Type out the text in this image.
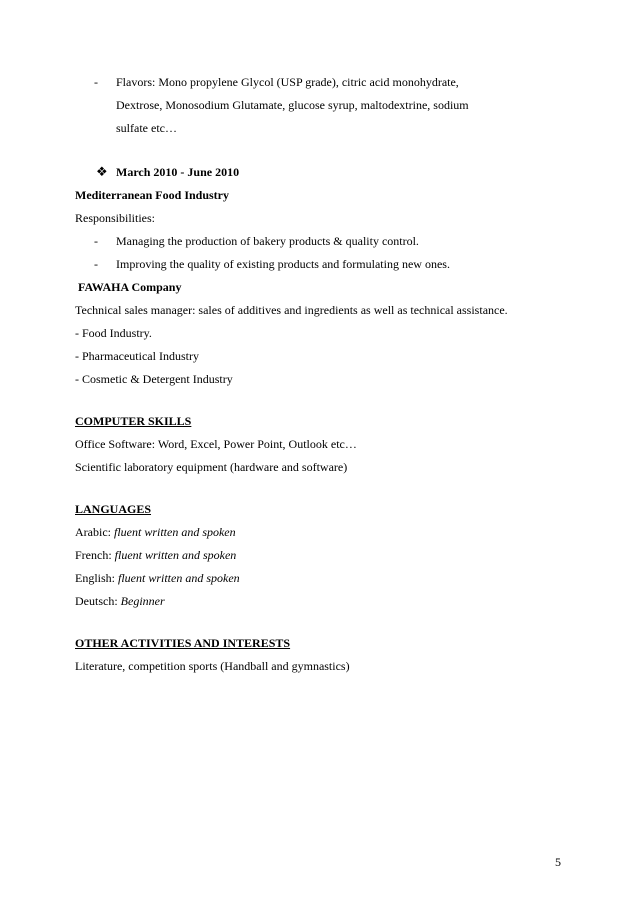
- Flavors: Mono propylene Glycol (USP grade), citric acid monohydrate,
Dextrose, Monosodium Glutamate, glucose syrup, maltodextrine, sodium
sulfate etc…
❖ March 2010 - June 2010
Mediterranean Food Industry
Responsibilities:
- Managing the production of bakery products & quality control.
- Improving the quality of existing products and formulating new ones.
FAWAHA Company
Technical sales manager: sales of additives and ingredients as well as technical assistance.
- Food Industry.
- Pharmaceutical Industry
- Cosmetic & Detergent Industry
COMPUTER SKILLS
Office Software: Word, Excel, Power Point, Outlook etc…
Scientific laboratory equipment (hardware and software)
LANGUAGES
Arabic: fluent written and spoken
French: fluent written and spoken
English: fluent written and spoken
Deutsch: Beginner
OTHER ACTIVITIES AND INTERESTS
Literature, competition sports (Handball and gymnastics)
5
